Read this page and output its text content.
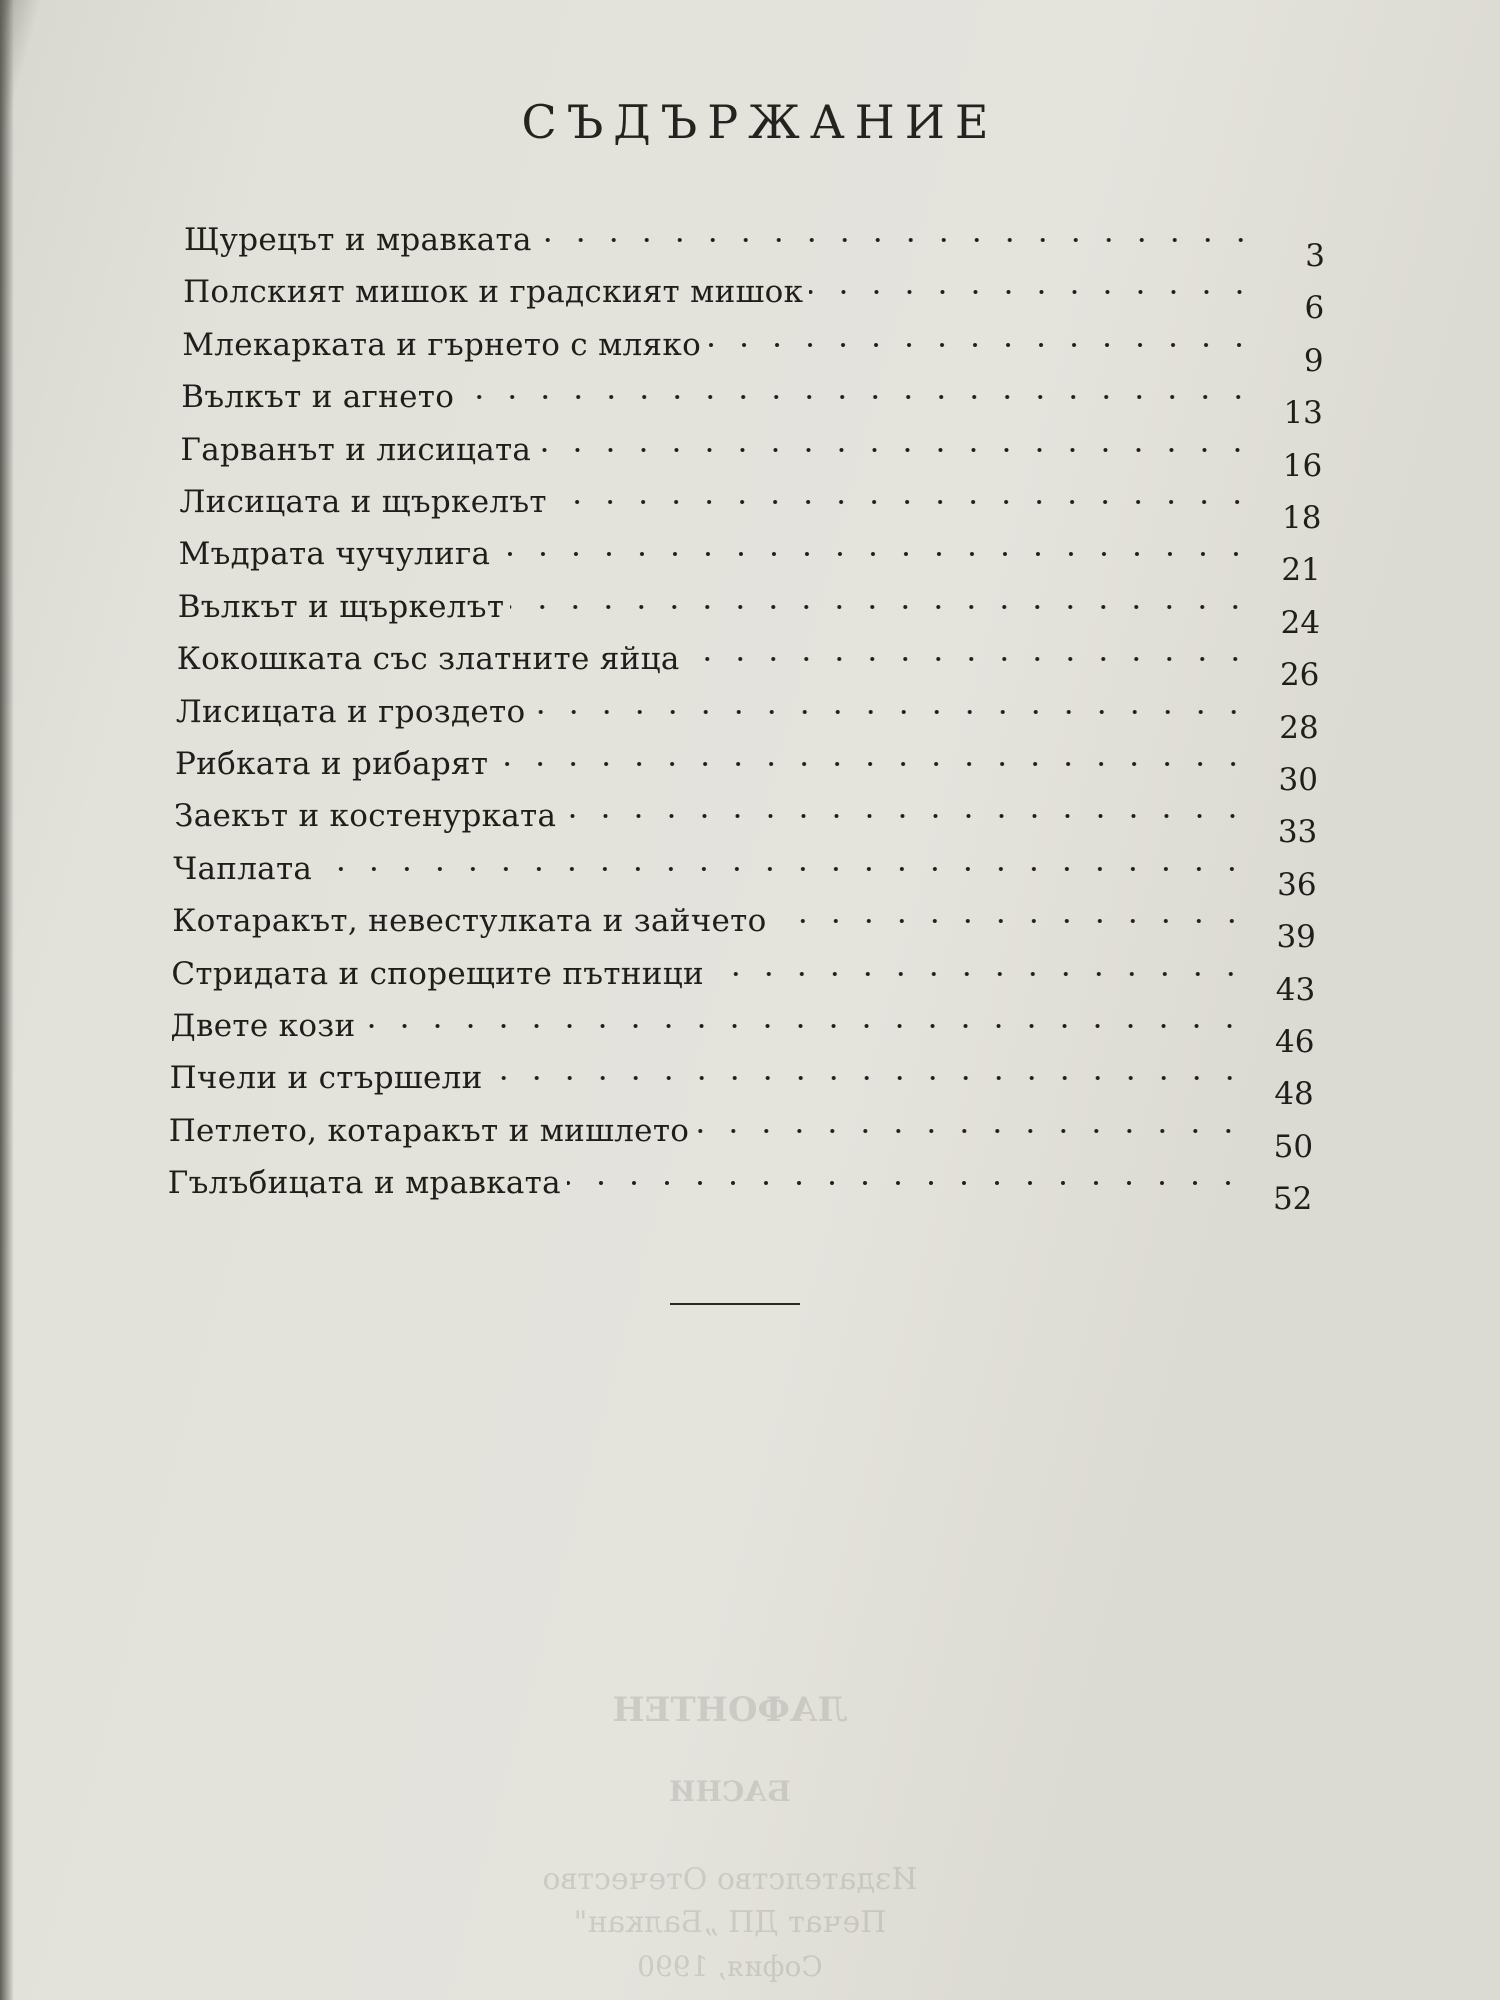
СЪДЪРЖАНИЕ
Щурецът и мравката	3
Полският мишок и градският мишок	6
Млекарката и гърнето с мляко	9
Вълкът и агнето	13
Гарванът и лисицата	16
Лисицата и щъркелът	18
Мъдрата чучулига	21
Вълкът и щъркелът	24
Кокошката със златните яйца	26
Лисицата и гроздето	28
Рибката и рибарят	30
Заекът и костенурката	33
Чаплата	36
Котаракът, невестулката и зайчето	39
Стридата и спорещите пътници	43
Двете кози	46
Пчели и стършели	48
Петлето, котаракът и мишлето	50
Гълъбицата и мравката	52
ЛАФОНТЕН
БАСНИ
Издателство Отечество
Печат ДП „Балкан"
София, 1990
